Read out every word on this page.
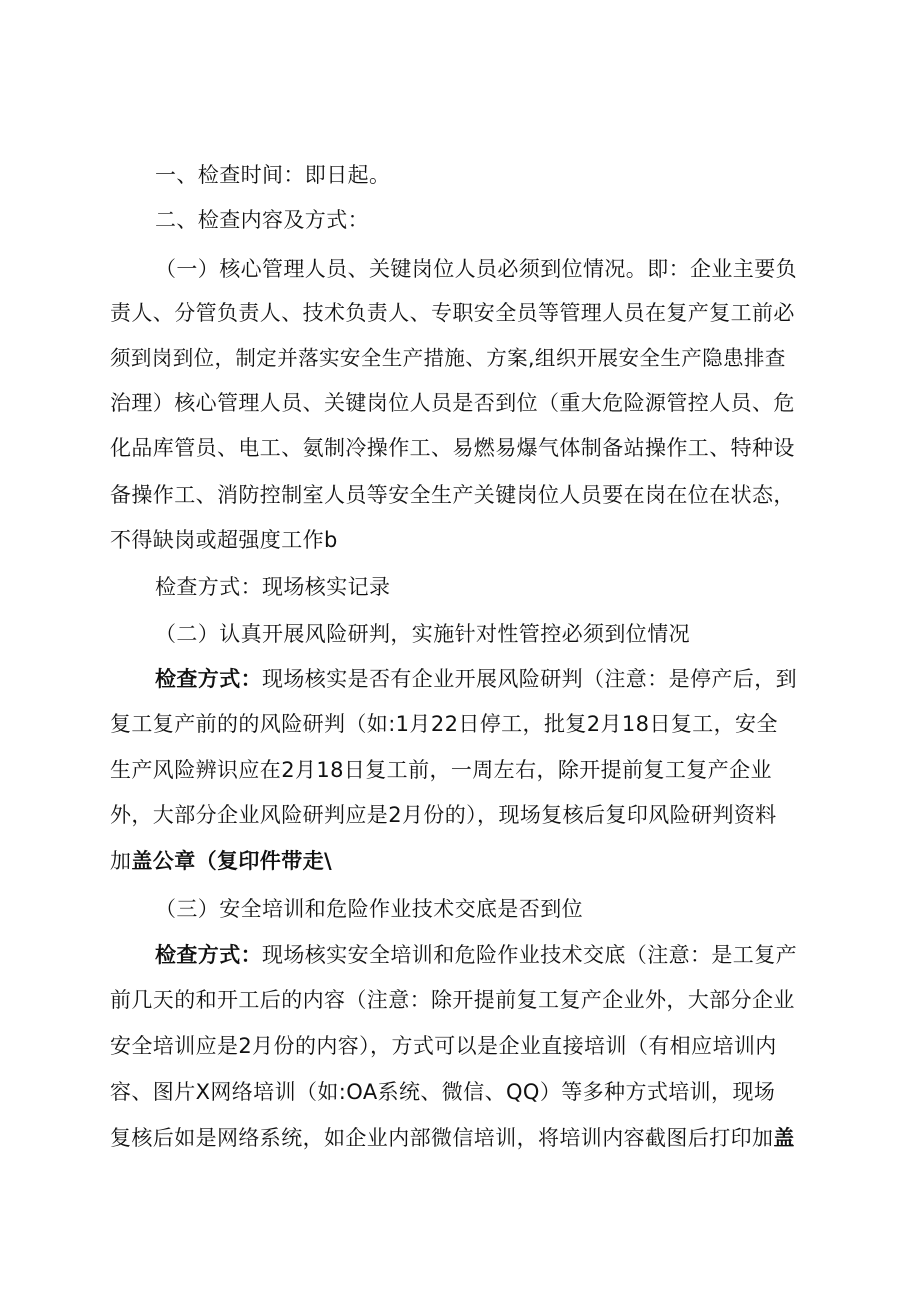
一、检查时间：即日起。
二、检查内容及方式：
（一）核心管理人员、关键岗位人员必须到位情况。即：企业主要负
责人、分管负责人、技术负责人、专职安全员等管理人员在复产复工前必
须到岗到位，制定并落实安全生产措施、方案,组织开展安全生产隐患排查
治理）核心管理人员、关键岗位人员是否到位（重大危险源管控人员、危
化品库管员、电工、氨制冷操作工、易燃易爆气体制备站操作工、特种设
备操作工、消防控制室人员等安全生产关键岗位人员要在岗在位在状态，
不得缺岗或超强度工作b
检查方式：现场核实记录
（二）认真开展风险研判，实施针对性管控必须到位情况
检查方式：现场核实是否有企业开展风险研判（注意：是停产后，到
复工复产前的的风险研判（如:1月22日停工，批复2月18日复工，安全
生产风险辨识应在2月18日复工前，一周左右，除开提前复工复产企业
外，大部分企业风险研判应是2月份的），现场复核后复印风险研判资料
加盖公章（复印件带走\
（三）安全培训和危险作业技术交底是否到位
检查方式：现场核实安全培训和危险作业技术交底（注意：是工复产
前几天的和开工后的内容（注意：除开提前复工复产企业外，大部分企业
安全培训应是2月份的内容），方式可以是企业直接培训（有相应培训内
容、图片X网络培训（如:OA系统、微信、QQ）等多种方式培训，现场
复核后如是网络系统，如企业内部微信培训，将培训内容截图后打印加盖
